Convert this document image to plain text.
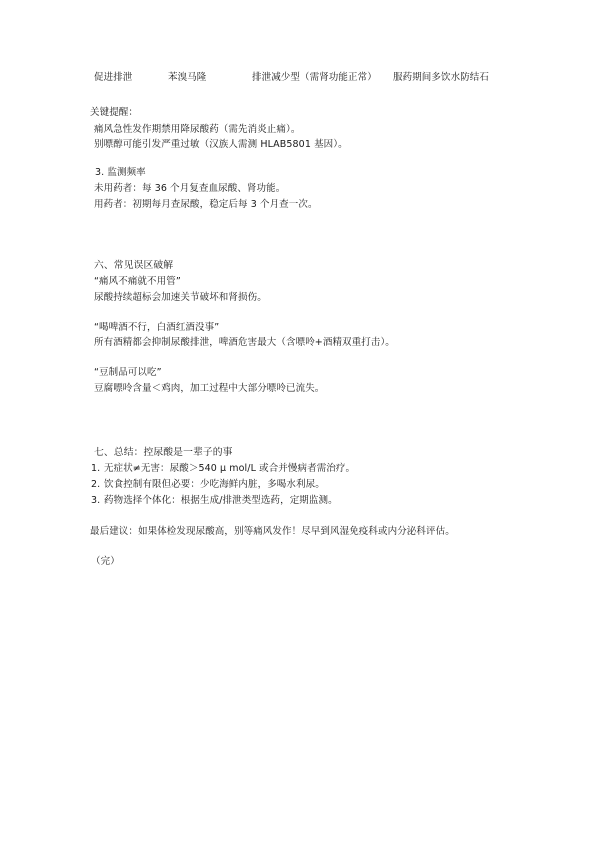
促进排泄	苯溴马隆	排泄减少型（需肾功能正常） 服药期间多饮水防结石
关键提醒：
痛风急性发作期禁用降尿酸药（需先消炎止痛）。
别嘌醇可能引发严重过敏（汉族人需测 HLAB5801 基因）。
3. 监测频率
未用药者：每 36 个月复查血尿酸、肾功能。
用药者：初期每月查尿酸，稳定后每 3 个月查一次。
六、常见误区破解
“痛风不痛就不用管”
尿酸持续超标会加速关节破坏和肾损伤。
“喝啤酒不行，白酒红酒没事”
所有酒精都会抑制尿酸排泄，啤酒危害最大（含嘌呤+酒精双重打击）。
“豆制品可以吃”
豆腐嘌呤含量＜鸡肉，加工过程中大部分嘌呤已流失。
七、总结：控尿酸是一辈子的事
1. 无症状≠无害：尿酸＞540 μ mol/L 或合并慢病者需治疗。
2. 饮食控制有限但必要：少吃海鲜内脏，多喝水利尿。
3. 药物选择个体化：根据生成/排泄类型选药，定期监测。
最后建议：如果体检发现尿酸高，别等痛风发作！尽早到风湿免疫科或内分泌科评估。
（完）
